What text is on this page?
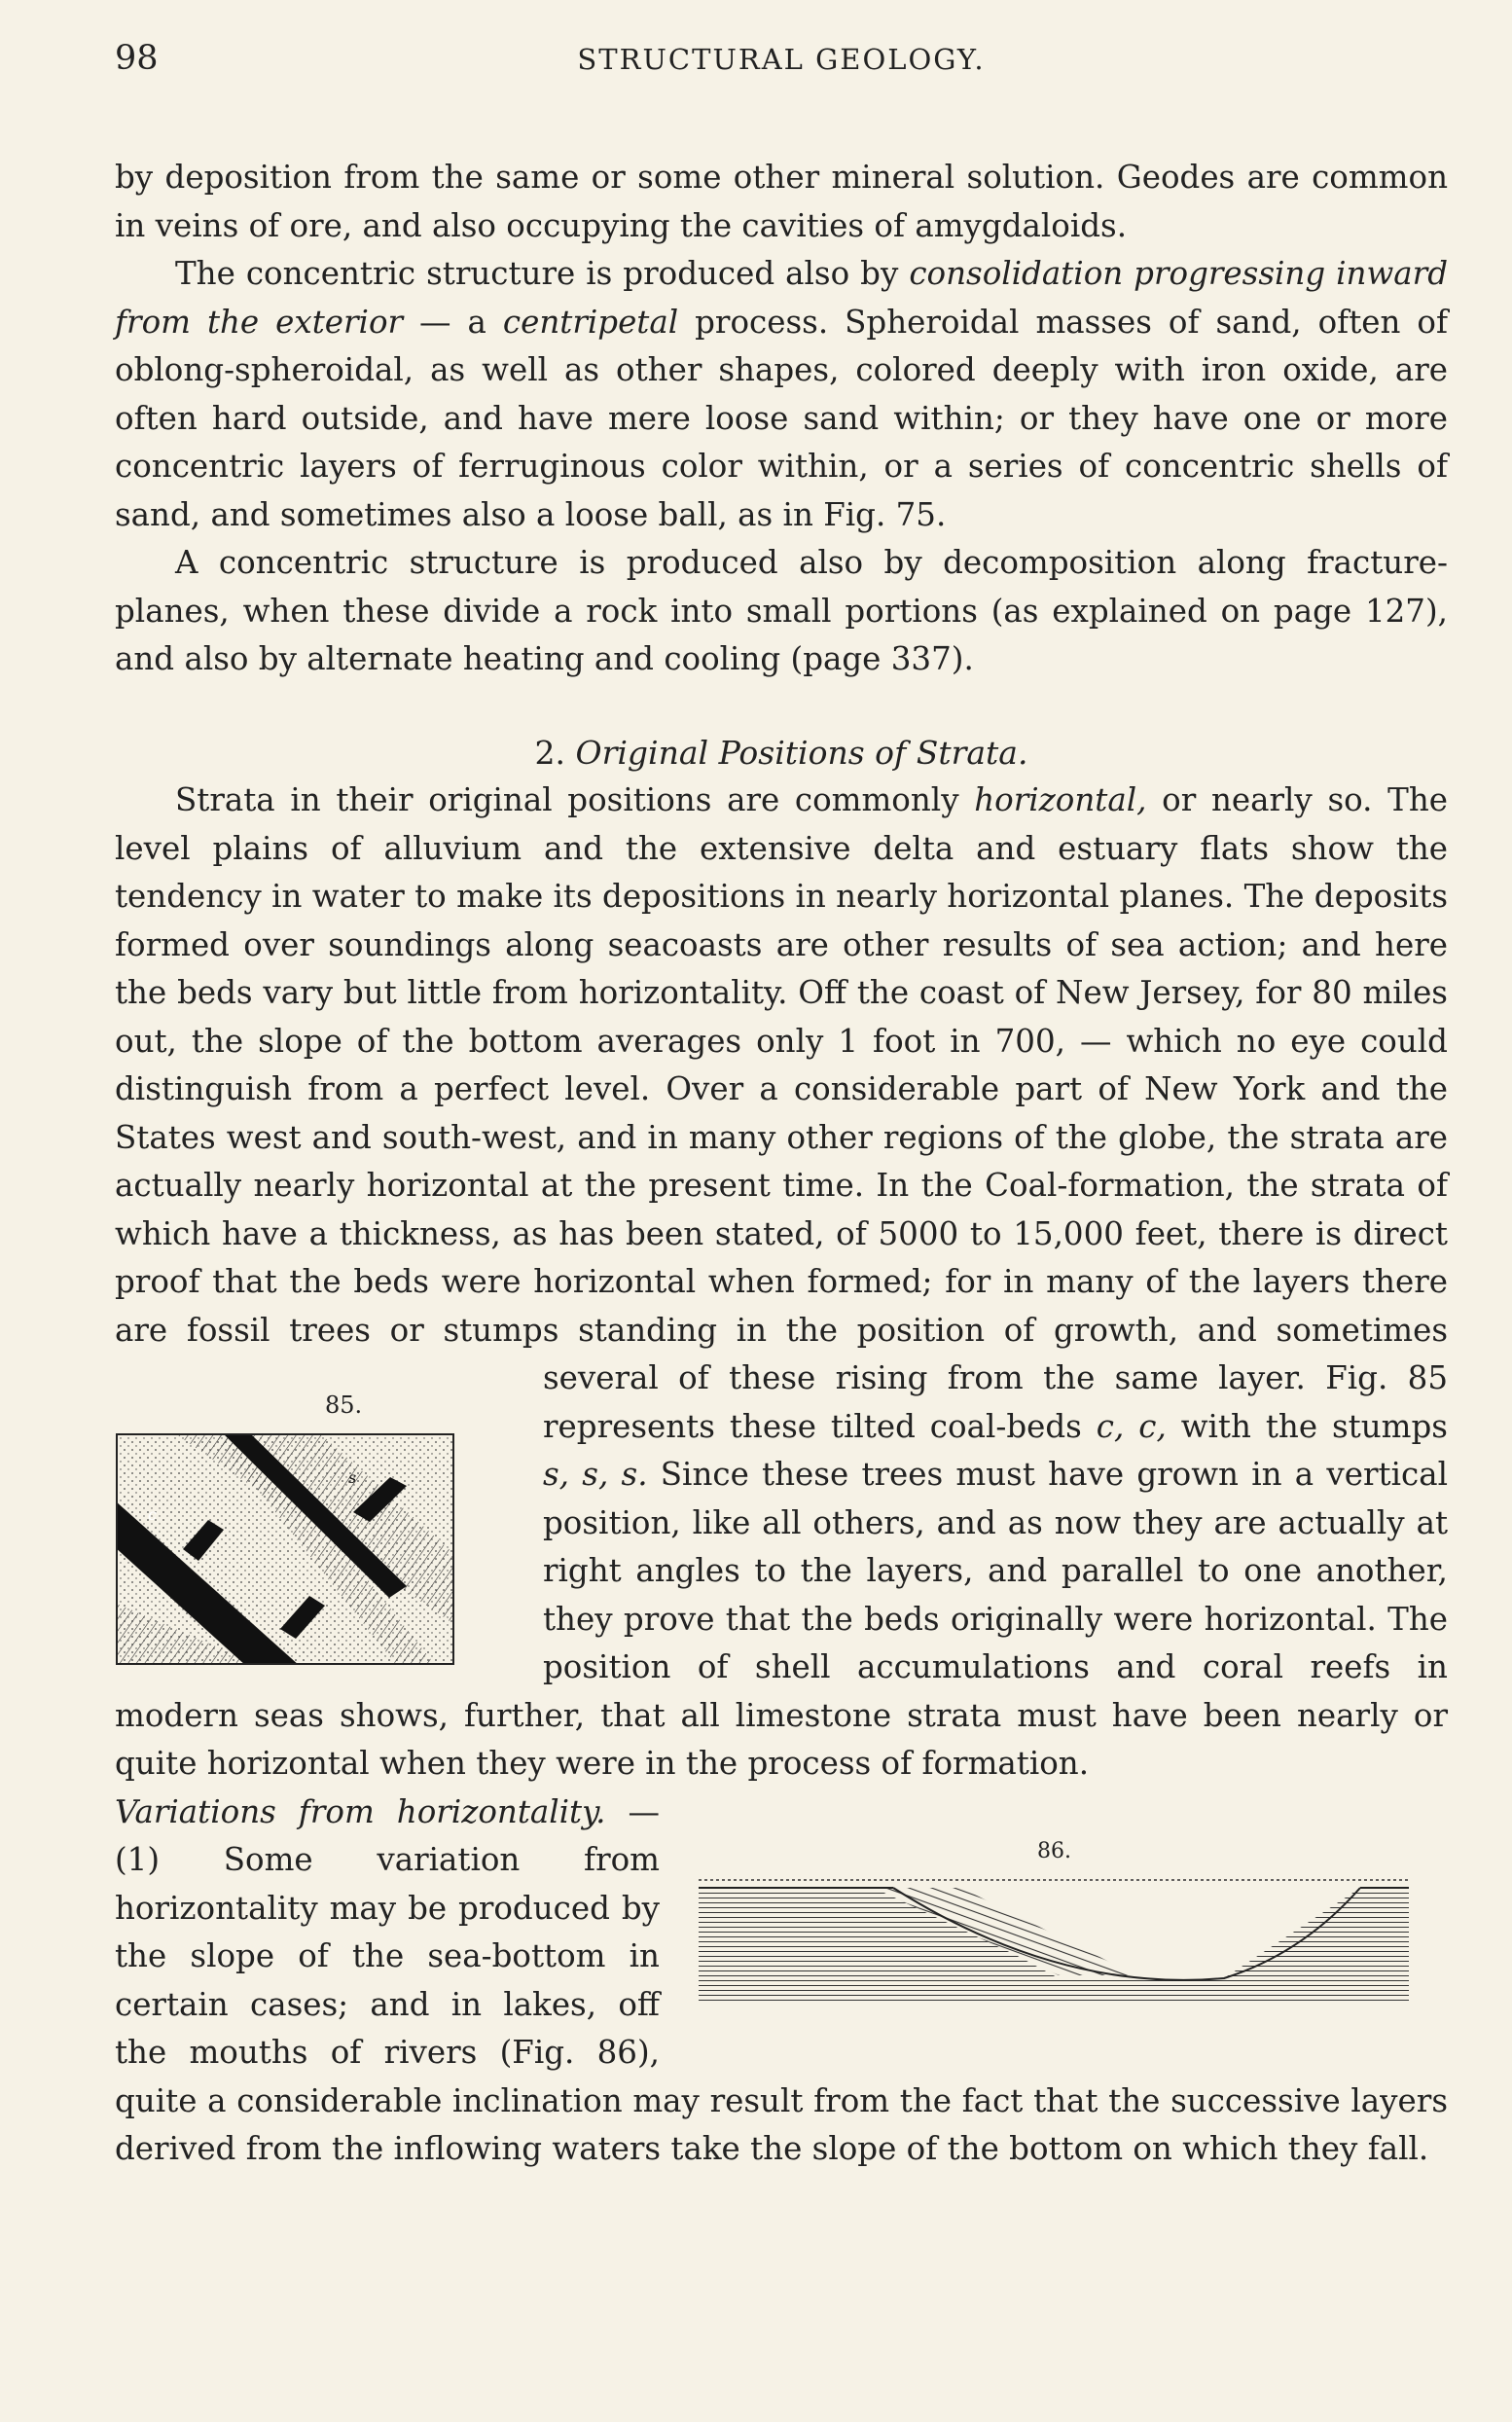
98	STRUCTURAL GEOLOGY.

by deposition from the same or some other mineral solution. Geodes are common in veins of ore, and also occupying the cavities of amygdaloids.

The concentric structure is produced also by consolidation progressing inward from the exterior — a centripetal process. Spheroidal masses of sand, often of oblong-spheroidal, as well as other shapes, colored deeply with iron oxide, are often hard outside, and have mere loose sand within; or they have one or more concentric layers of ferruginous color within, or a series of concentric shells of sand, and sometimes also a loose ball, as in Fig. 75.

A concentric structure is produced also by decomposition along fracture-planes, when these divide a rock into small portions (as explained on page 127), and also by alternate heating and cooling (page 337).

2. Original Positions of Strata.

Strata in their original positions are commonly horizontal, or nearly so. The level plains of alluvium and the extensive delta and estuary flats show the tendency in water to make its depositions in nearly horizontal planes. The deposits formed over soundings along seacoasts are other results of sea action; and here the beds vary but little from horizontality. Off the coast of New Jersey, for 80 miles out, the slope of the bottom averages only 1 foot in 700, — which no eye could distinguish from a perfect level. Over a considerable part of New York and the States west and south-west, and in many other regions of the globe, the strata are actually nearly horizontal at the present time. In the Coal-formation, the strata of which have a thickness, as has been stated, of 5000 to 15,000 feet, there is direct proof that the beds were horizontal when formed; for in many of the layers there are fossil trees or stumps standing in the position of growth, and
85.
c
s
sometimes several of these rising from the same layer. Fig. 85 represents these tilted coal-beds c, c, with the stumps s, s, s. Since these trees must have grown in a vertical position, like all others, and as now they are actually at right angles to the layers, and parallel to one another, they prove that the beds originally were horizontal. The position of shell accumulations and coral reefs in modern seas shows, further, that all limestone strata must have been nearly or quite horizontal when they were in the process of formation.

86.
Variations from horizontality. — (1) Some variation from horizontality may be produced by the slope of the sea-bottom in certain cases; and in lakes, off the mouths of rivers (Fig. 86), quite a considerable inclination may result from the fact that the successive layers derived from the inflowing waters take the slope of the bottom on which they fall.
